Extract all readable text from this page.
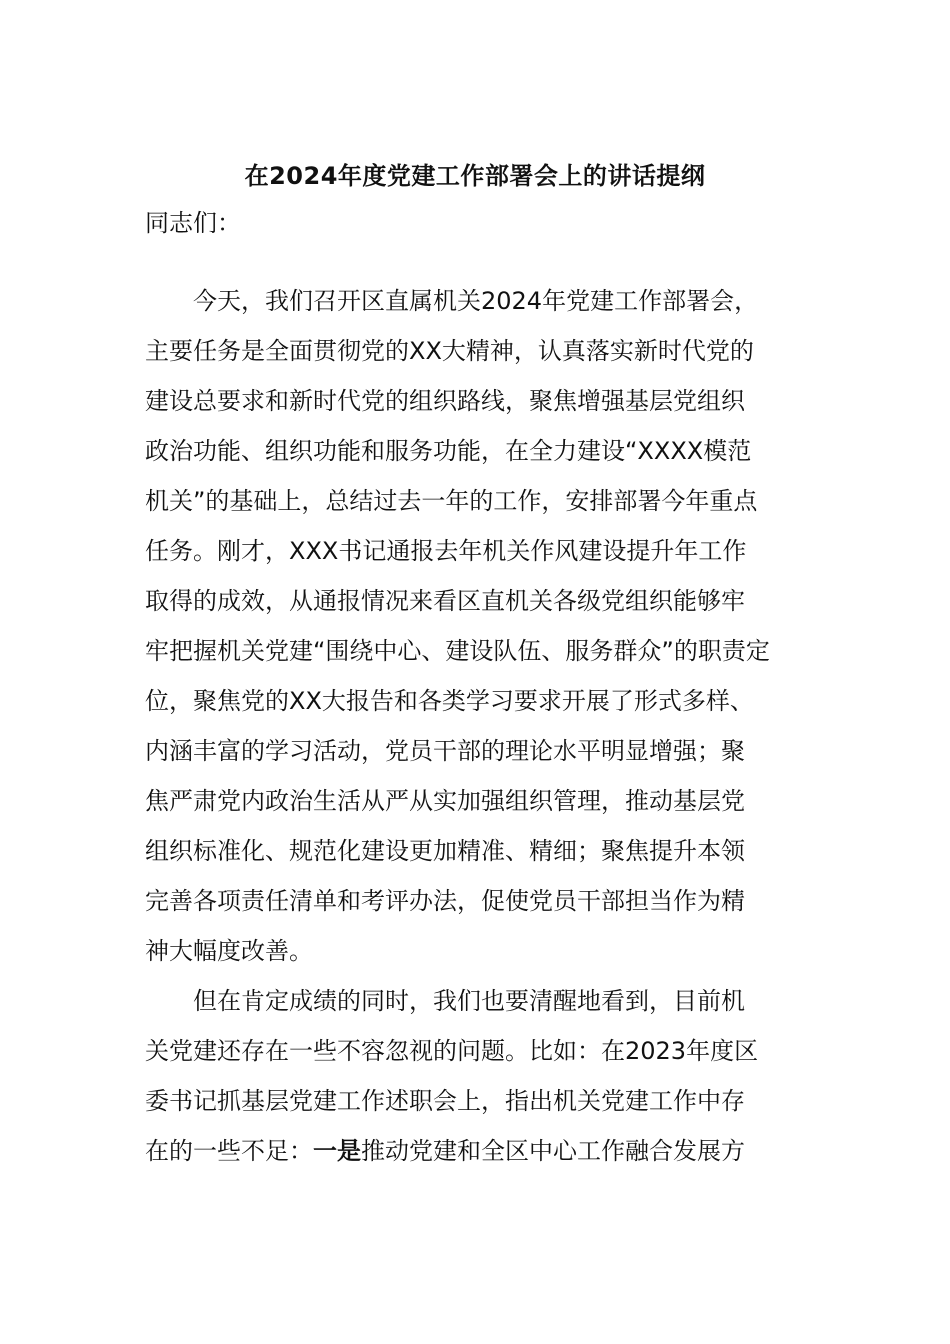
在2024年度党建工作部署会上的讲话提纲

同志们：

今天，我们召开区直属机关2024年党建工作部署会，
主要任务是全面贯彻党的XX大精神，认真落实新时代党的
建设总要求和新时代党的组织路线，聚焦增强基层党组织
政治功能、组织功能和服务功能，在全力建设“XXXX模范
机关”的基础上，总结过去一年的工作，安排部署今年重点
任务。刚才，XXX书记通报去年机关作风建设提升年工作
取得的成效，从通报情况来看区直机关各级党组织能够牢
牢把握机关党建“围绕中心、建设队伍、服务群众”的职责定
位，聚焦党的XX大报告和各类学习要求开展了形式多样、
内涵丰富的学习活动，党员干部的理论水平明显增强；聚
焦严肃党内政治生活从严从实加强组织管理，推动基层党
组织标准化、规范化建设更加精准、精细；聚焦提升本领
完善各项责任清单和考评办法，促使党员干部担当作为精
神大幅度改善。

但在肯定成绩的同时，我们也要清醒地看到，目前机
关党建还存在一些不容忽视的问题。比如：在2023年度区
委书记抓基层党建工作述职会上，指出机关党建工作中存
在的一些不足：一是推动党建和全区中心工作融合发展方
